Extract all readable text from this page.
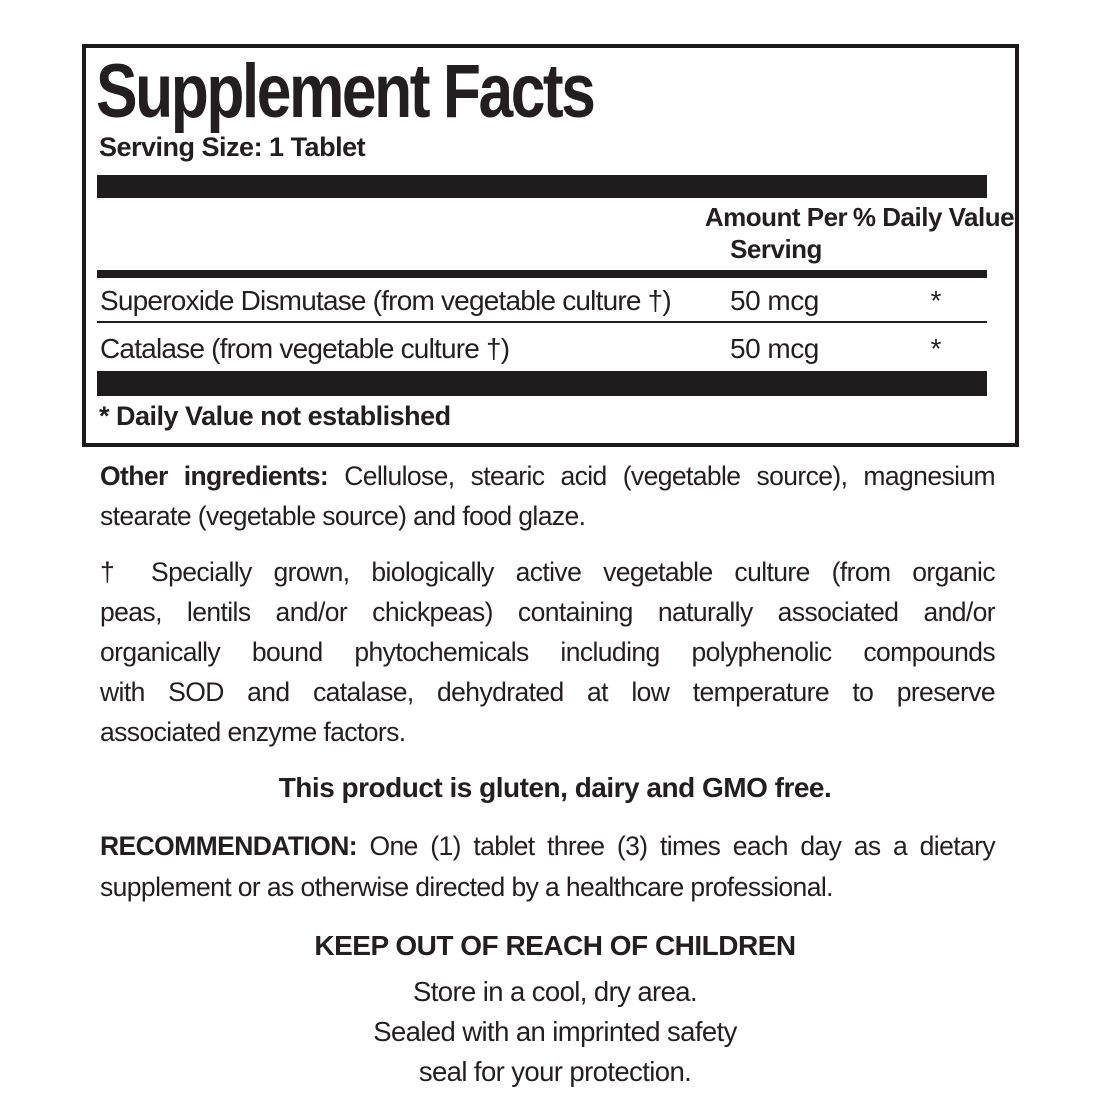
Supplement Facts
Serving Size: 1 Tablet
Amount Per Serving
% Daily Value
Superoxide Dismutase (from vegetable culture †) 50 mcg	*
Catalase (from vegetable culture †)	50 mcg	*
* Daily Value not established
Other ingredients: Cellulose, stearic acid (vegetable source), magnesium
stearate (vegetable source) and food glaze.
† Specially grown, biologically active vegetable culture (from organic
peas, lentils and/or chickpeas) containing naturally associated and/or
organically bound phytochemicals including polyphenolic compounds
with SOD and catalase, dehydrated at low temperature to preserve
associated enzyme factors.
This product is gluten, dairy and GMO free.
RECOMMENDATION: One (1) tablet three (3) times each day as a dietary
supplement or as otherwise directed by a healthcare professional.
KEEP OUT OF REACH OF CHILDREN
Store in a cool, dry area.
Sealed with an imprinted safety
seal for your protection.
